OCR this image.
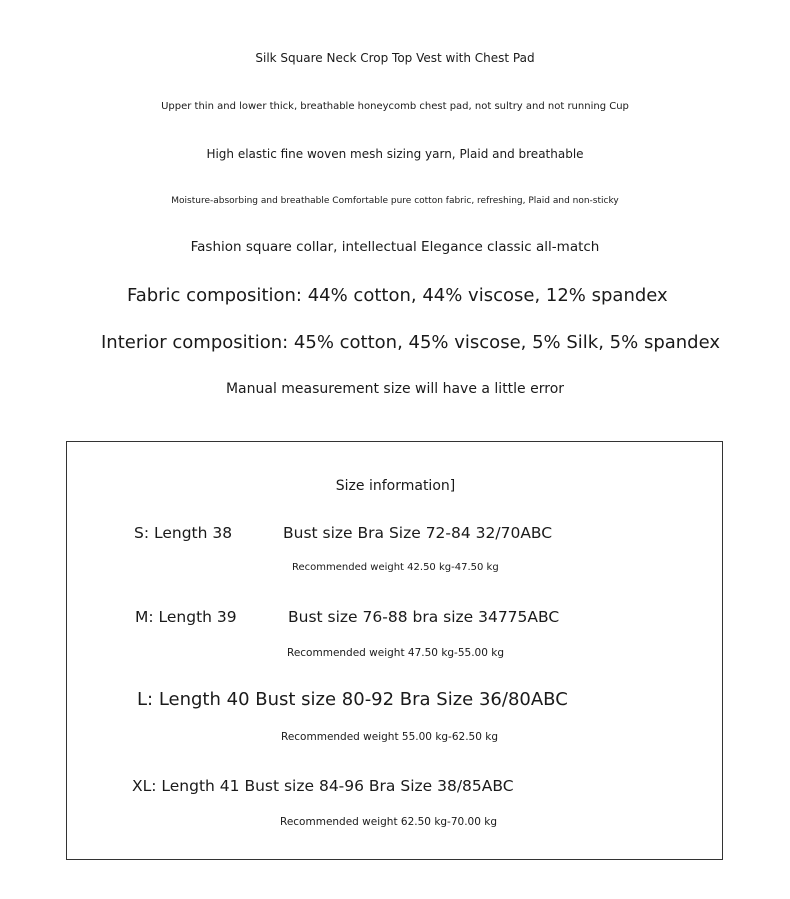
Silk Square Neck Crop Top Vest with Chest Pad
Upper thin and lower thick, breathable honeycomb chest pad, not sultry and not running Cup
High elastic fine woven mesh sizing yarn, Plaid and breathable
Moisture-absorbing and breathable Comfortable pure cotton fabric, refreshing, Plaid and non-sticky
Fashion square collar, intellectual Elegance classic all-match
Fabric composition: 44% cotton, 44% viscose, 12% spandex
Interior composition: 45% cotton, 45% viscose, 5% Silk, 5% spandex
Manual measurement size will have a little error
Size information]
S: Length 38	Bust size Bra Size 72-84 32/70ABC
Recommended weight 42.50 kg-47.50 kg
M: Length 39	Bust size 76-88 bra size 34775ABC
Recommended weight 47.50 kg-55.00 kg
L: Length 40 Bust size 80-92 Bra Size 36/80ABC
Recommended weight 55.00 kg-62.50 kg
XL: Length 41 Bust size 84-96 Bra Size 38/85ABC
Recommended weight 62.50 kg-70.00 kg
